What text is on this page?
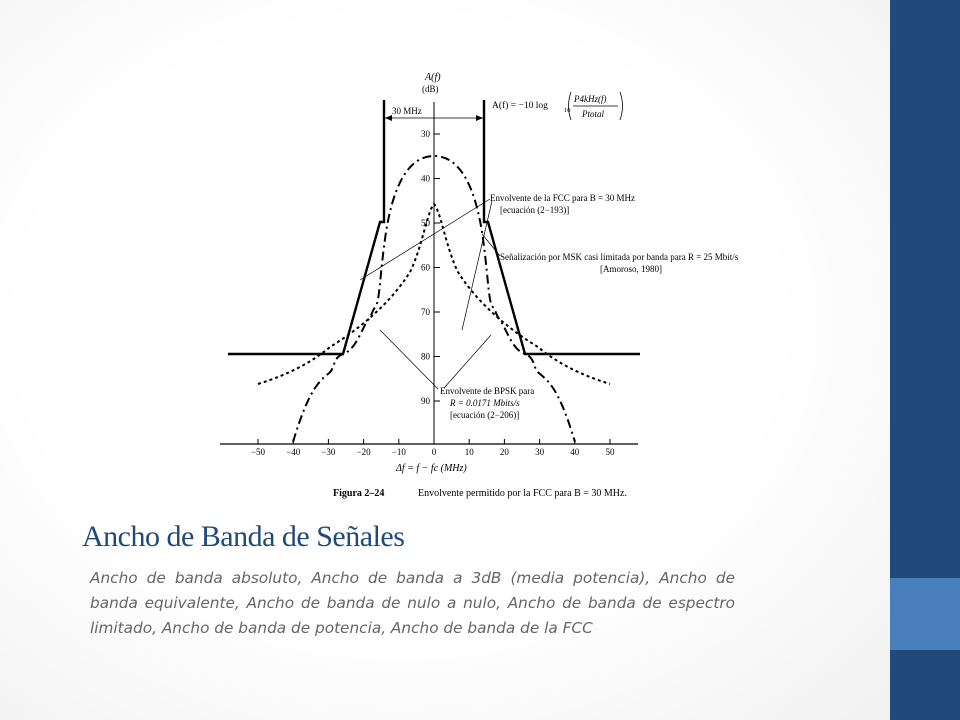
−50 −40 −30 −20 −10	0	10	20	30	40	50
30
40
50
60
70
80
90
30 MHz
A(f)
(dB)
A(f) = −10 log 10
P4kHz(f)
Ptotal
Envolvente de la FCC para B = 30 MHz
[ecuación (2−193)]
Señalización por MSK casi limitada por banda para R = 25 Mbit/s
[Amoroso, 1980]
Envolvente de BPSK para
R = 0.0171 Mbits/s
[ecuación (2−206)]
Δf = f − fc (MHz)
Figura 2–24	Envolvente permitido por la FCC para B = 30 MHz.
Ancho de Banda de Señales
Ancho de banda absoluto, Ancho de banda a 3dB (media potencia), Ancho de banda equivalente, Ancho de banda de nulo a nulo, Ancho de banda de espectro limitado, Ancho de banda de potencia, Ancho de banda de la FCC
